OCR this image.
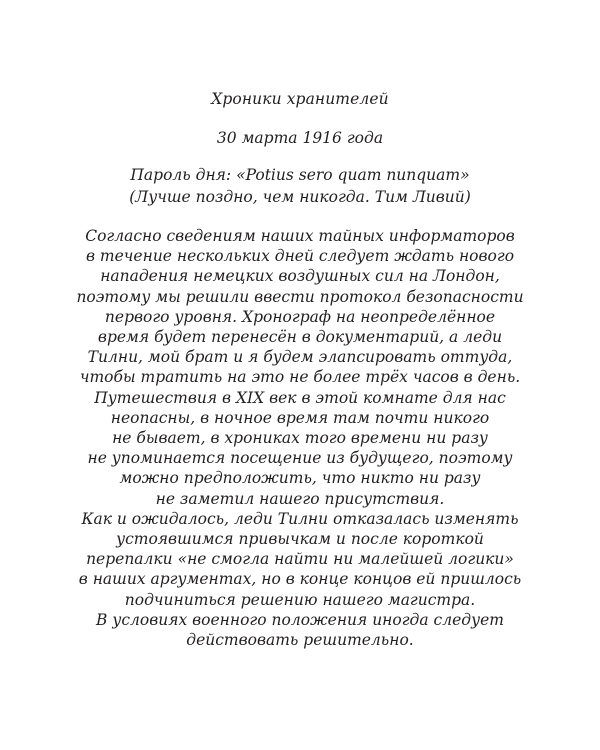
Хроники хранителей
30 марта 1916 года
Пароль дня: «Potius sero quam nunquam»
(Лучше поздно, чем никогда. Тим Ливий)
Согласно сведениям наших тайных информаторов
в течение нескольких дней следует ждать нового
нападения немецких воздушных сил на Лондон,
поэтому мы решили ввести протокол безопасности
первого уровня. Хронограф на неопределённое
время будет перенесён в документарий, а леди
Тилни, мой брат и я будем элапсировать оттуда,
чтобы тратить на это не более трёх часов в день.
Путешествия в XIX век в этой комнате для нас
неопасны, в ночное время там почти никого
не бывает, в хрониках того времени ни разу
не упоминается посещение из будущего, поэтому
можно предположить, что никто ни разу
не заметил нашего присутствия.
Как и ожидалось, леди Тилни отказалась изменять
устоявшимся привычкам и после короткой
перепалки «не смогла найти ни малейшей логики»
в наших аргументах, но в конце концов ей пришлось
подчиниться решению нашего магистра.
В условиях военного положения иногда следует
действовать решительно.
